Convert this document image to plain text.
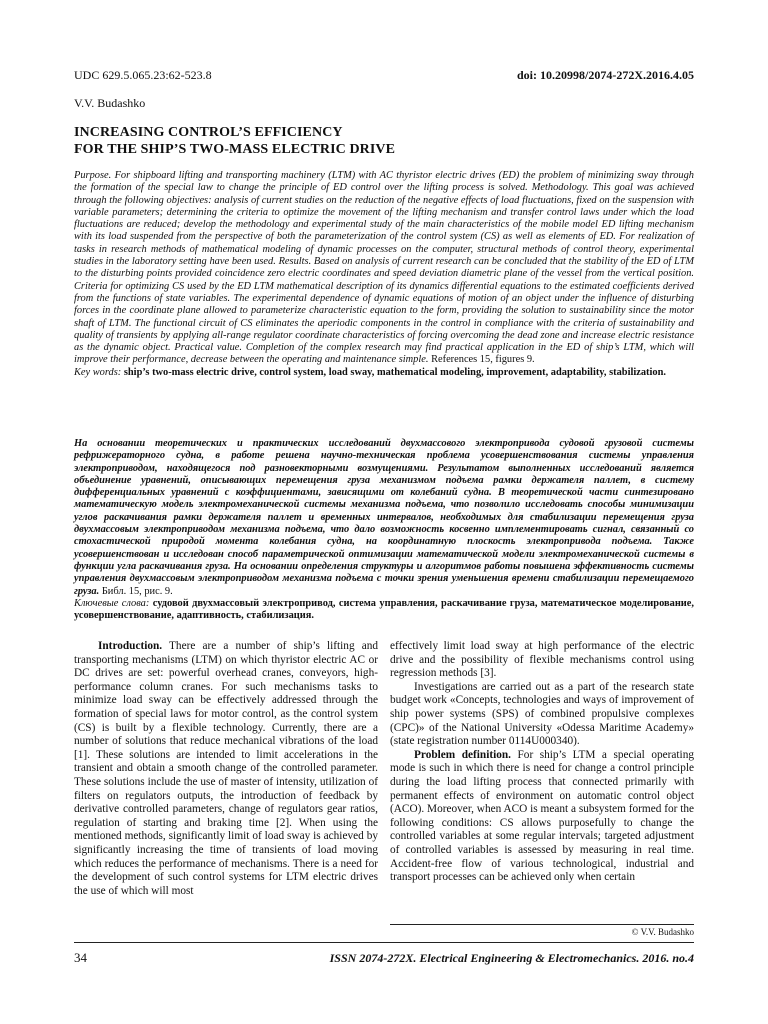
UDC 629.5.065.23:62-523.8	doi: 10.20998/2074-272X.2016.4.05
V.V. Budashko
INCREASING CONTROL’S EFFICIENCY
FOR THE SHIP’S TWO-MASS ELECTRIC DRIVE
Purpose. For shipboard lifting and transporting machinery (LTM) with AC thyristor electric drives (ED) the problem of minimizing sway through the formation of the special law to change the principle of ED control over the lifting process is solved. Methodology. This goal was achieved through the following objectives: analysis of current studies on the reduction of the negative effects of load fluctuations, fixed on the suspension with variable parameters; determining the criteria to optimize the movement of the lifting mechanism and transfer control laws under which the load fluctuations are reduced; develop the methodology and experimental study of the main characteristics of the mobile model ED lifting mechanism with its load suspended from the perspective of both the parameterization of the control system (CS) as well as elements of ED. For realization of tasks in research methods of mathematical modeling of dynamic processes on the computer, structural methods of control theory, experimental studies in the laboratory setting have been used. Results. Based on analysis of current research can be concluded that the stability of the ED of LTM to the disturbing points provided coincidence zero electric coordinates and speed deviation diametric plane of the vessel from the vertical position. Criteria for optimizing CS used by the ED LTM mathematical description of its dynamics differential equations to the estimated coefficients derived from the functions of state variables. The experimental dependence of dynamic equations of motion of an object under the influence of disturbing forces in the coordinate plane allowed to parameterize characteristic equation to the form, providing the solution to sustainability since the motor shaft of LTM. The functional circuit of CS eliminates the aperiodic components in the control in compliance with the criteria of sustainability and quality of transients by applying all-range regulator coordinate characteristics of forcing overcoming the dead zone and increase electric resistance as the dynamic object. Practical value. Completion of the complex research may find practical application in the ED of ship’s LTM, which will improve their performance, decrease between the operating and maintenance simple. References 15, figures 9.
Key words: ship’s two-mass electric drive, control system, load sway, mathematical modeling, improvement, adaptability, stabilization.
На основании теоретических и практических исследований двухмассового электропривода судовой грузовой системы рефрижераторного судна, в работе решена научно-техническая проблема усовершенствования системы управления электроприводом, находящегося под разновекторными возмущениями. Результатом выполненных исследований является объединение уравнений, описывающих перемещения груза механизмом подъема рамки держателя паллет, в систему дифференциальных уравнений с коэффициентами, зависящими от колебаний судна. В теоретической части синтезировано математическую модель электромеханической системы механизма подъема, что позволило исследовать способы минимизации углов раскачивания рамки держателя паллет и временных интервалов, необходимых для стабилизации перемещения груза двухмассовым электроприводом механизма подъема, что дало возможность косвенно имплементировать сигнал, связанный со стохастической природой момента колебания судна, на координатную плоскость электропривода подъема. Также усовершенствован и исследован способ параметрической оптимизации математической модели электромеханической системы в функции угла раскачивания груза. На основании определения структуры и алгоритмов работы повышена эффективность системы управления двухмассовым электроприводом механизма подъема с точки зрения уменьшения времени стабилизации перемещаемого груза. Библ. 15, рис. 9.
Ключевые слова: судовой двухмассовый электропривод, система управления, раскачивание груза, математическое моделирование, усовершенствование, адаптивность, стабилизация.

Introduction. There are a number of ship’s lifting and transporting mechanisms (LTM) on which thyristor electric AC or DC drives are set: powerful overhead cranes, conveyors, high-performance column cranes. For such mechanisms tasks to minimize load sway can be effectively addressed through the formation of special laws for motor control, as the control system (CS) is built by a flexible technology. Currently, there are a number of solutions that reduce mechanical vibrations of the load [1]. These solutions are intended to limit accelerations in the transient and obtain a smooth change of the controlled parameter. These solutions include the use of master of intensity, utilization of filters on regulators outputs, the introduction of feedback by derivative controlled parameters, change of regulators gear ratios, regulation of starting and braking time [2]. When using the mentioned methods, significantly limit of load sway is achieved by significantly increasing the time of transients of load moving which reduces the performance of mechanisms. There is a need for the development of such control systems for LTM electric drives the use of which will most

effectively limit load sway at high performance of the electric drive and the possibility of flexible mechanisms control using regression methods [3].

Investigations are carried out as a part of the research state budget work «Concepts, technologies and ways of improvement of ship power systems (SPS) of combined propulsive complexes (CPC)» of the National University «Odessa Maritime Academy» (state registration number 0114U000340).

Problem definition. For ship’s LTM a special operating mode is such in which there is need for change a control principle during the load lifting process that connected primarily with permanent effects of environment on automatic control object (ACO). Moreover, when ACO is meant a subsystem formed for the following conditions: CS allows purposefully to change the controlled variables at some regular intervals; targeted adjustment of controlled variables is assessed by measuring in real time. Accident-free flow of various technological, industrial and transport processes can be achieved only when certain

© V.V. Budashko
34	ISSN 2074-272X. Electrical Engineering & Electromechanics. 2016. no.4
